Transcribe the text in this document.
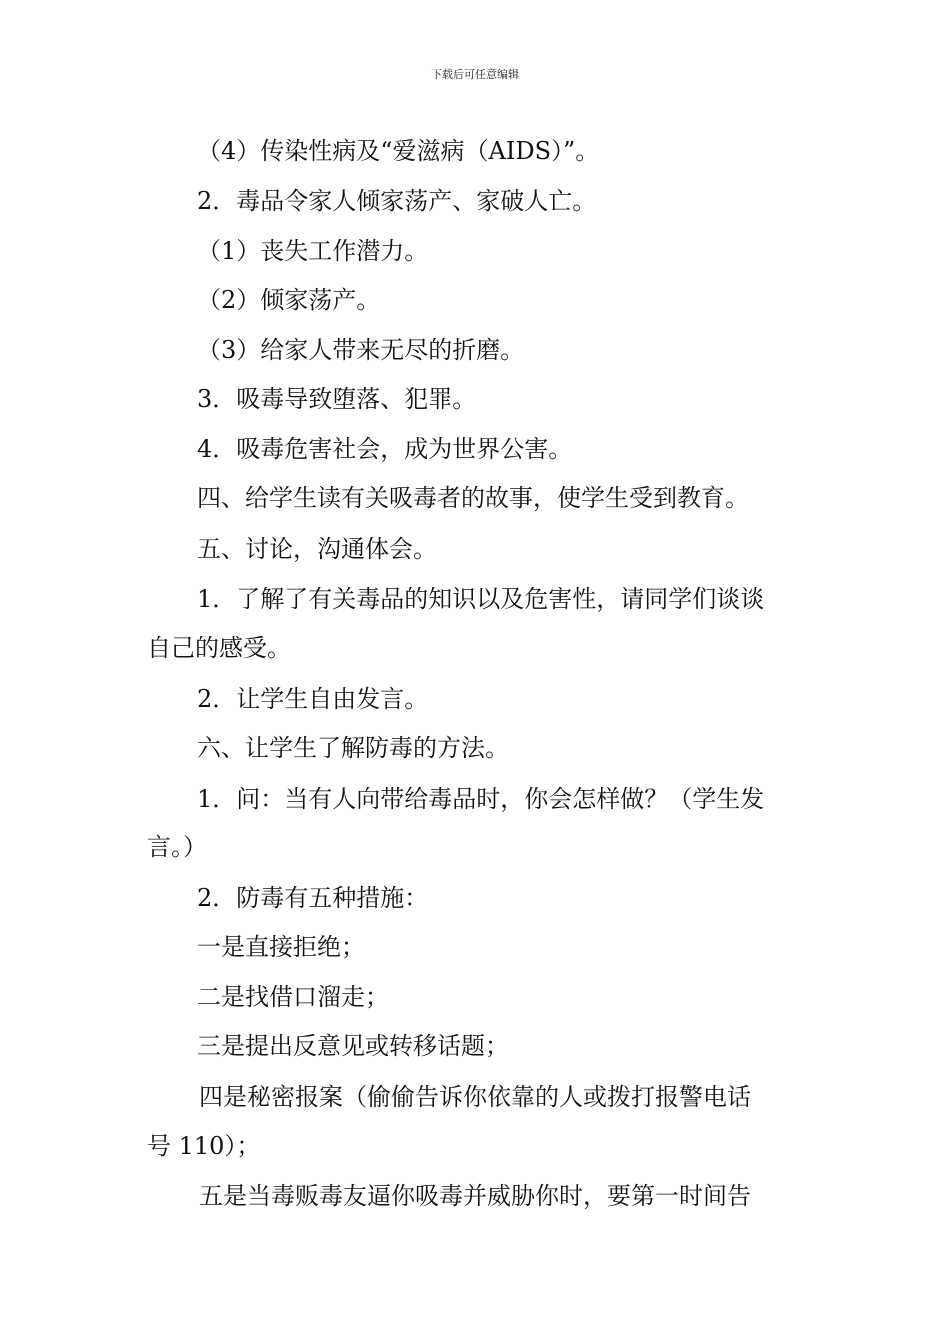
下载后可任意编辑
（4）传染性病及“爱滋病（AIDS）”。
2．毒品令家人倾家荡产、家破人亡。
（1）丧失工作潜力。
（2）倾家荡产。
（3）给家人带来无尽的折磨。
3．吸毒导致堕落、犯罪。
4．吸毒危害社会，成为世界公害。
四、给学生读有关吸毒者的故事，使学生受到教育。
五、讨论，沟通体会。
1．了解了有关毒品的知识以及危害性，请同学们谈谈
自己的感受。
2．让学生自由发言。
六、让学生了解防毒的方法。
1．问：当有人向带给毒品时，你会怎样做？（学生发
言。）
2．防毒有五种措施：
一是直接拒绝；
二是找借口溜走；
三是提出反意见或转移话题；
四是秘密报案（偷偷告诉你依靠的人或拨打报警电话
号 110）；
五是当毒贩毒友逼你吸毒并威胁你时，要第一时间告
